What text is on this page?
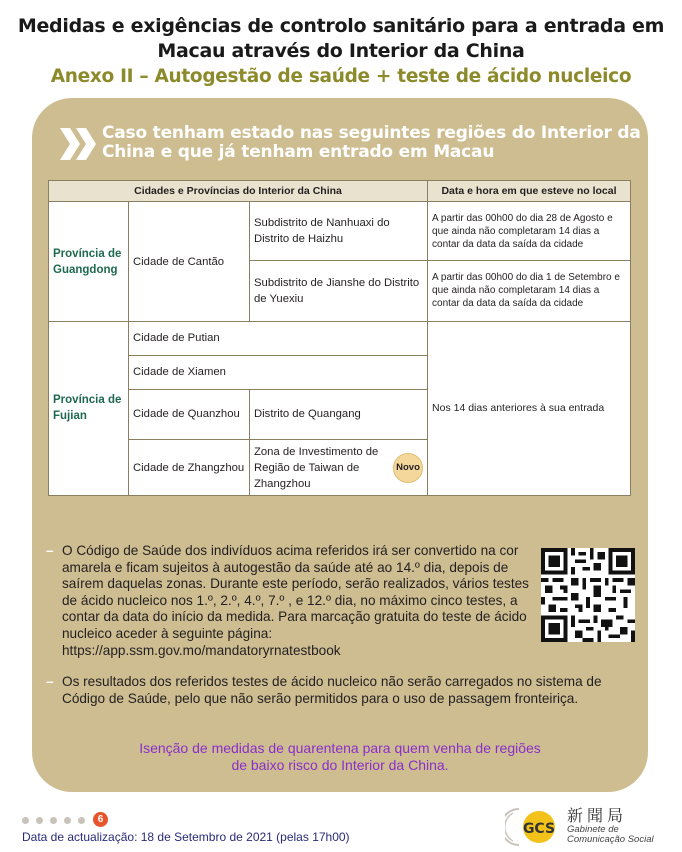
Medidas e exigências de controlo sanitário para a entrada em Macau através do Interior da China
Anexo II – Autogestão de saúde + teste de ácido nucleico
Caso tenham estado nas seguintes regiões do Interior da China e que já tenham entrado em Macau
Cidades e Províncias do Interior da China			Data e hora em que esteve no local
Província de Guangdong	Cidade de Cantão	Subdistrito de Nanhuaxi do Distrito de Haizhu	A partir das 00h00 do dia 28 de Agosto e que ainda não completaram 14 dias a contar da data da saída da cidade
		Subdistrito de Jianshe do Distrito de Yuexiu	A partir das 00h00 do dia 1 de Setembro e que ainda não completaram 14 dias a contar da data da saída da cidade
Província de Fujian	Cidade de Putian		Nos 14 dias anteriores à sua entrada
	Cidade de Xiamen		
	Cidade de Quanzhou	Distrito de Quangang	
	Cidade de Zhangzhou	Zona de Investimento de Região de Taiwan de Zhangzhou
Novo	
– O Código de Saúde dos indivíduos acima referidos irá ser convertido na cor amarela e ficam sujeitos à autogestão da saúde até ao 14.º dia, depois de saírem daquelas zonas. Durante este período, serão realizados, vários testes de ácido nucleico nos 1.º, 2.º, 4.º, 7.º , e 12.º dia, no máximo cinco testes, a contar da data do início da medida. Para marcação gratuita do teste de ácido nucleico aceder à seguinte página:
https://app.ssm.gov.mo/mandatoryrnatestbook
– Os resultados dos referidos testes de ácido nucleico não serão carregados no sistema de Código de Saúde, pelo que não serão permitidos para o uso de passagem fronteiriça.
Isenção de medidas de quarentena para quem venha de regiões
de baixo risco do Interior da China.
6
Data de actualização: 18 de Setembro de 2021 (pelas 17h00)	GCS
新聞局
Gabinete de
Comunicação Social
